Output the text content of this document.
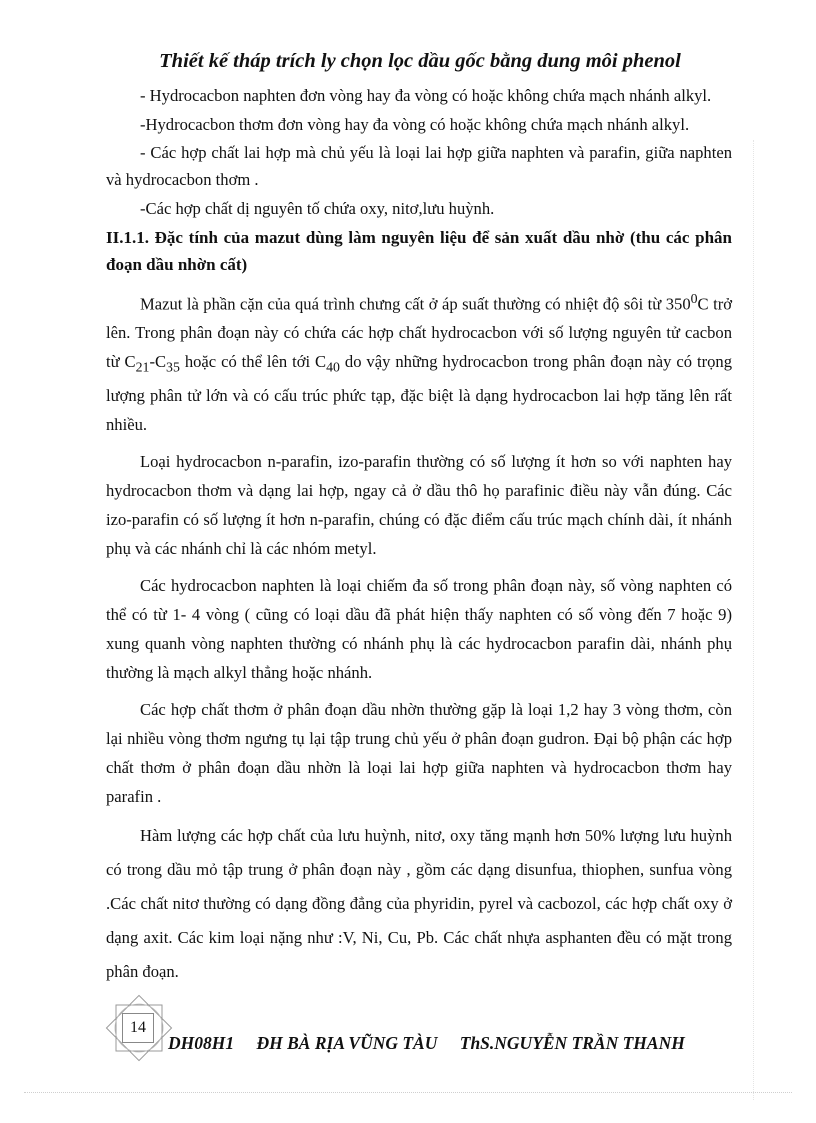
Thiết kế tháp trích ly chọn lọc dầu gốc bằng dung môi phenol

- Hydrocacbon naphten đơn vòng hay đa vòng có hoặc không chứa mạch nhánh alkyl.

-Hydrocacbon thơm đơn vòng hay đa vòng có hoặc không chứa mạch nhánh alkyl.

- Các hợp chất lai hợp mà chủ yếu là loại lai hợp giữa naphten và parafin, giữa naphten và hydrocacbon thơm .

-Các hợp chất dị nguyên tố chứa oxy, nitơ,lưu huỳnh.

II.1.1. Đặc tính của mazut dùng làm nguyên liệu để sản xuất dầu nhờ (thu các phân đoạn dầu nhờn cất)

Mazut là phần cặn của quá trình chưng cất ở áp suất thường có nhiệt độ sôi từ $350^0C$ trở lên. Trong phân đoạn này có chứa các hợp chất hydrocacbon với số lượng nguyên tử cacbon từ $C_{21}-C_{35}$ hoặc có thể lên tới $C_{40}$ do vậy những hydrocacbon trong phân đoạn này có trọng lượng phân tử lớn và có cấu trúc phức tạp, đặc biệt là dạng hydrocacbon lai hợp tăng lên rất nhiều.

Loại hydrocacbon n-parafin, izo-parafin thường có số lượng ít hơn so với naphten hay hydrocacbon thơm và dạng lai hợp, ngay cả ở dầu thô họ parafinic điều này vẫn đúng. Các izo-parafin có số lượng ít hơn n-parafin, chúng có đặc điểm cấu trúc mạch chính dài, ít nhánh phụ và các nhánh chỉ là các nhóm metyl.

Các hydrocacbon naphten là loại chiếm đa số trong phân đoạn này, số vòng naphten có thể có từ 1- 4 vòng ( cũng có loại dầu đã phát hiện thấy naphten có số vòng đến 7 hoặc 9) xung quanh vòng naphten thường có nhánh phụ là các hydrocacbon parafin dài, nhánh phụ thường là mạch alkyl thẳng hoặc nhánh.

Các hợp chất thơm ở phân đoạn dầu nhờn thường gặp là loại 1,2 hay 3 vòng thơm, còn lại nhiều vòng thơm ngưng tụ lại tập trung chủ yếu ở phân đoạn gudron. Đại bộ phận các hợp chất thơm ở phân đoạn dầu nhờn là loại lai hợp giữa naphten và hydrocacbon thơm hay parafin .

Hàm lượng các hợp chất của lưu huỳnh, nitơ, oxy tăng mạnh hơn 50% lượng lưu huỳnh có trong dầu mỏ tập trung ở phân đoạn này , gồm các dạng disunfua, thiophen, sunfua vòng .Các chất nitơ thường có dạng đồng đẳng của phyridin, pyrel và cacbozol, các hợp chất oxy ở dạng axit. Các kim loại nặng như :V, Ni, Cu, Pb. Các chất nhựa asphanten đều có mặt trong phân đoạn.

14
DH08H1 ĐH BÀ RỊA VŨNG TÀU ThS.NGUYỄN TRẦN THANH
